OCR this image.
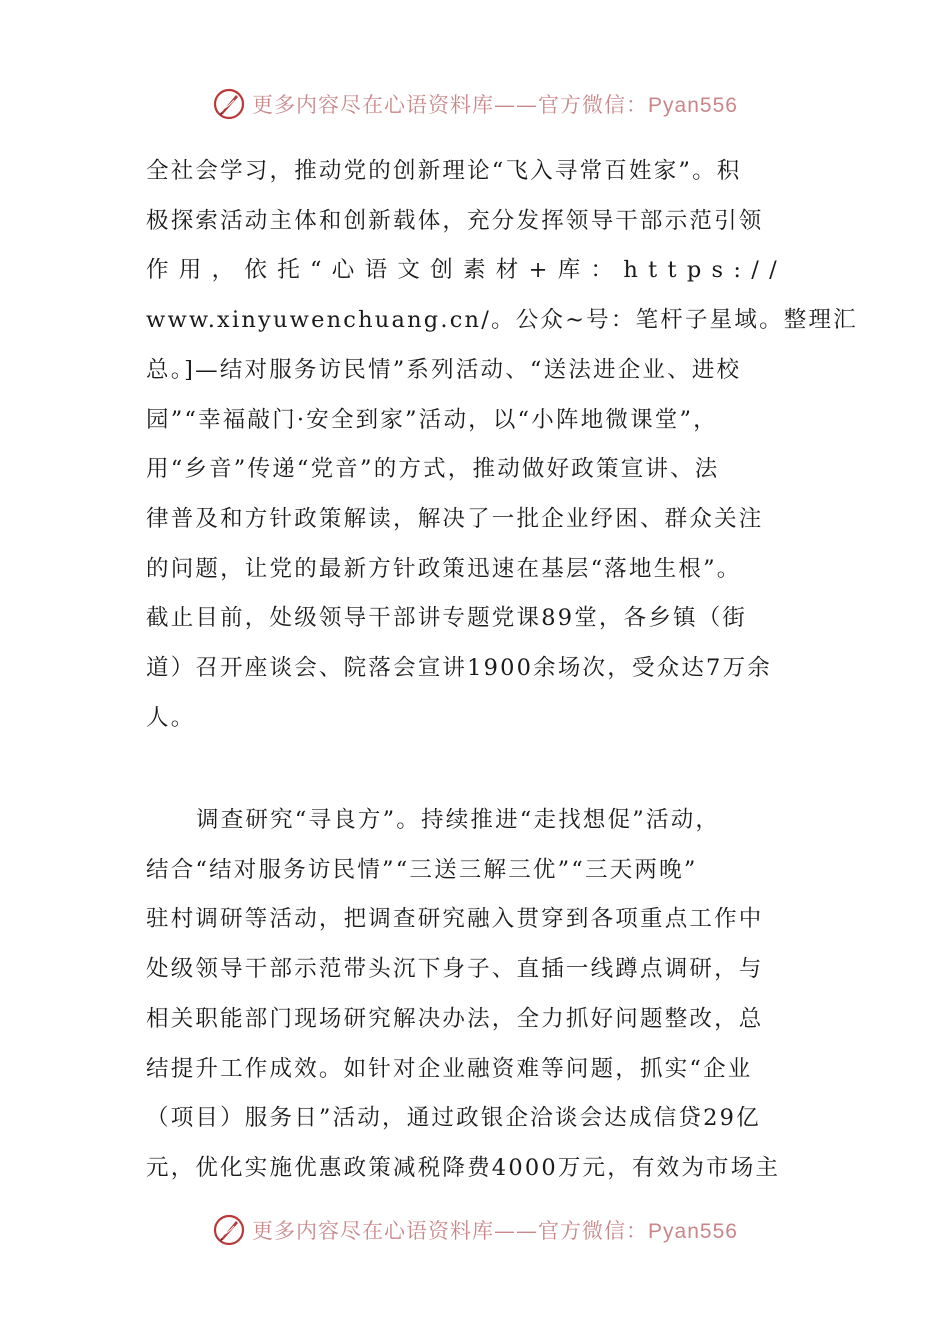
更多内容尽在心语资料库——官方微信：Pyan556
全社会学习，推动党的创新理论“飞入寻常百姓家”。积
极探索活动主体和创新载体，充分发挥领导干部示范引领
作用，依托“心语文创素材+库：https://
www.xinyuwenchuang.cn/。公众~号：笔杆子星域。整理汇
总。]—结对服务访民情”系列活动、“送法进企业、进校
园”“幸福敲门·安全到家”活动，以“小阵地微课堂”，
用“乡音”传递“党音”的方式，推动做好政策宣讲、法
律普及和方针政策解读，解决了一批企业纾困、群众关注
的问题，让党的最新方针政策迅速在基层“落地生根”。
截止目前，处级领导干部讲专题党课89堂，各乡镇（街
道）召开座谈会、院落会宣讲1900余场次，受众达7万余
人。
调查研究“寻良方”。持续推进“走找想促”活动，
结合“结对服务访民情”“三送三解三优”“三天两晚”
驻村调研等活动，把调查研究融入贯穿到各项重点工作中
处级领导干部示范带头沉下身子、直插一线蹲点调研，与
相关职能部门现场研究解决办法，全力抓好问题整改，总
结提升工作成效。如针对企业融资难等问题，抓实“企业
（项目）服务日”活动，通过政银企洽谈会达成信贷29亿
元，优化实施优惠政策减税降费4000万元，有效为市场主
更多内容尽在心语资料库——官方微信：Pyan556
